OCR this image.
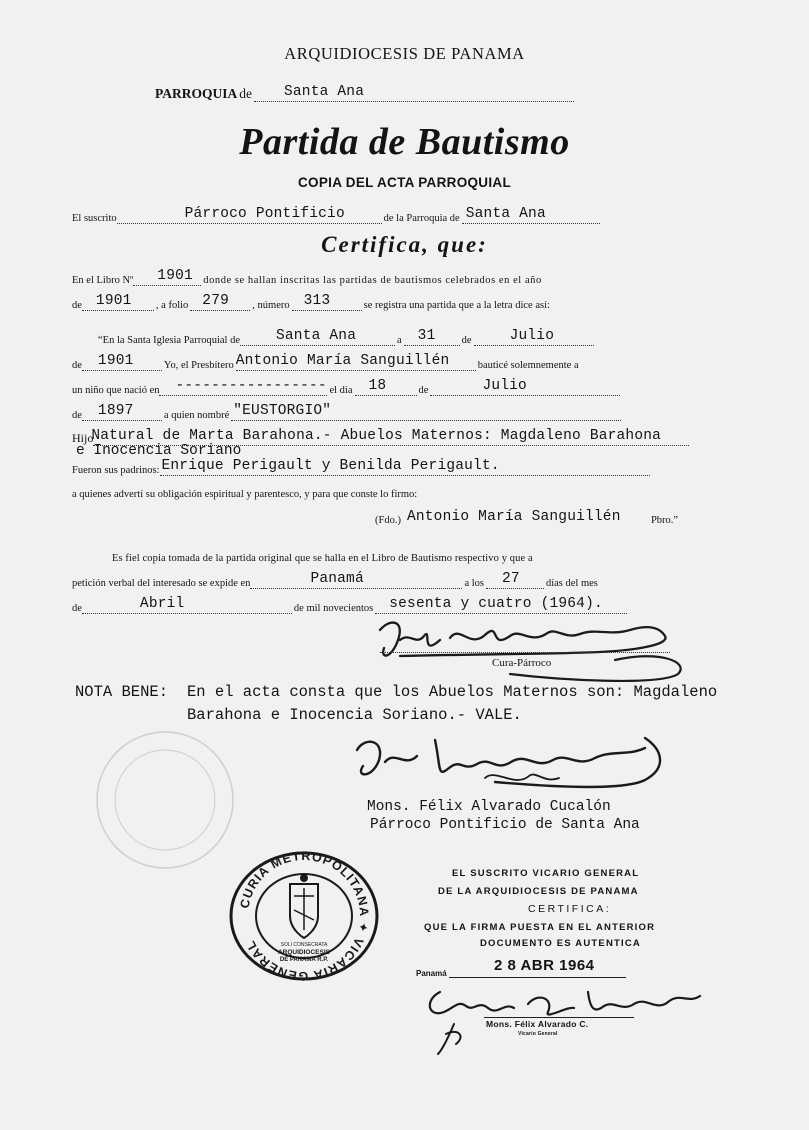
ARQUIDIOCESIS DE PANAMA
PARROQUIA de Santa Ana
Partida de Bautismo
COPIA DEL ACTA PARROQUIAL
El suscrito	Párroco Pontificio	de la Parroquia de Santa Ana
Certifica, que:
En el Libro Nº 1901 donde se hallan inscritas las partidas de bautismos celebrados en el año
de 1901 , a folio 279 , número 313	se registra una partida que a la letra dice así:
“En la Santa Iglesia Parroquial de Santa Ana	a 31 de	Julio
de 1901	Yo, el Presbítero Antonio María Sanguillén	bauticé solemnemente a
un niño que nació en ----------------- el día 18	de	Julio
de 1897	a quien nombré "EUSTORGIO"
Hijo
Natural de Marta Barahona.- Abuelos Maternos: Magdaleno Barahona
e Inocencia Soriano
Fueron sus padrinos: Enrique Perigault y Benilda Perigault.
a quienes advertí su obligación espiritual y parentesco, y para que conste lo firmo:
(Fdo.) Antonio María Sanguillén	Pbro.”
Es fiel copia tomada de la partida original que se halla en el Libro de Bautismo respectivo y que a
petición verbal del interesado se expide en	Panamá	a los 27 días del mes
de	Abril	de mil novecientos sesenta y cuatro (1964).
Cura-Párroco
NOTA BENE: En el acta consta que los Abuelos Maternos son: Magdaleno
Barahona e Inocencia Soriano.- VALE.
Mons. Félix Alvarado Cucalón
Párroco Pontificio de Santa Ana
CURIA METROPOLITANA ✦ VICARIA GENERAL	SOLI CONSECRATA
ARQUIDIOCESIS
DE PANAMA R.P.
EL SUSCRITO VICARIO GENERAL
DE LA ARQUIDIOCESIS DE PANAMA
CERTIFICA:
QUE LA FIRMA PUESTA EN EL ANTERIOR
DOCUMENTO ES AUTENTICA
Panamá	2 8 ABR 1964
Mons. Félix Alvarado C.
Vicario General
